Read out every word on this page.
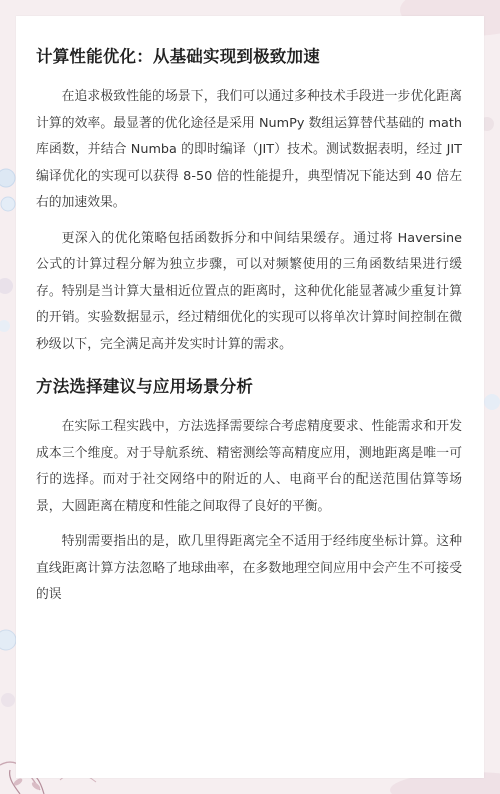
计算性能优化：从基础实现到极致加速

在追求极致性能的场景下，我们可以通过多种技术手段进一步优化距离计算的效率。最显著的优化途径是采用 NumPy 数组运算替代基础的 math 库函数，并结合 Numba 的即时编译（JIT）技术。测试数据表明，经过 JIT 编译优化的实现可以获得 8-50 倍的性能提升，典型情况下能达到 40 倍左右的加速效果。

更深入的优化策略包括函数拆分和中间结果缓存。通过将 Haversine 公式的计算过程分解为独立步骤，可以对频繁使用的三角函数结果进行缓存。特别是当计算大量相近位置点的距离时，这种优化能显著减少重复计算的开销。实验数据显示，经过精细优化的实现可以将单次计算时间控制在微秒级以下，完全满足高并发实时计算的需求。

方法选择建议与应用场景分析

在实际工程实践中，方法选择需要综合考虑精度要求、性能需求和开发成本三个维度。对于导航系统、精密测绘等高精度应用，测地距离是唯一可行的选择。而对于社交网络中的附近的人、电商平台的配送范围估算等场景，大圆距离在精度和性能之间取得了良好的平衡。

特别需要指出的是，欧几里得距离完全不适用于经纬度坐标计算。这种直线距离计算方法忽略了地球曲率，在多数地理空间应用中会产生不可接受的误
